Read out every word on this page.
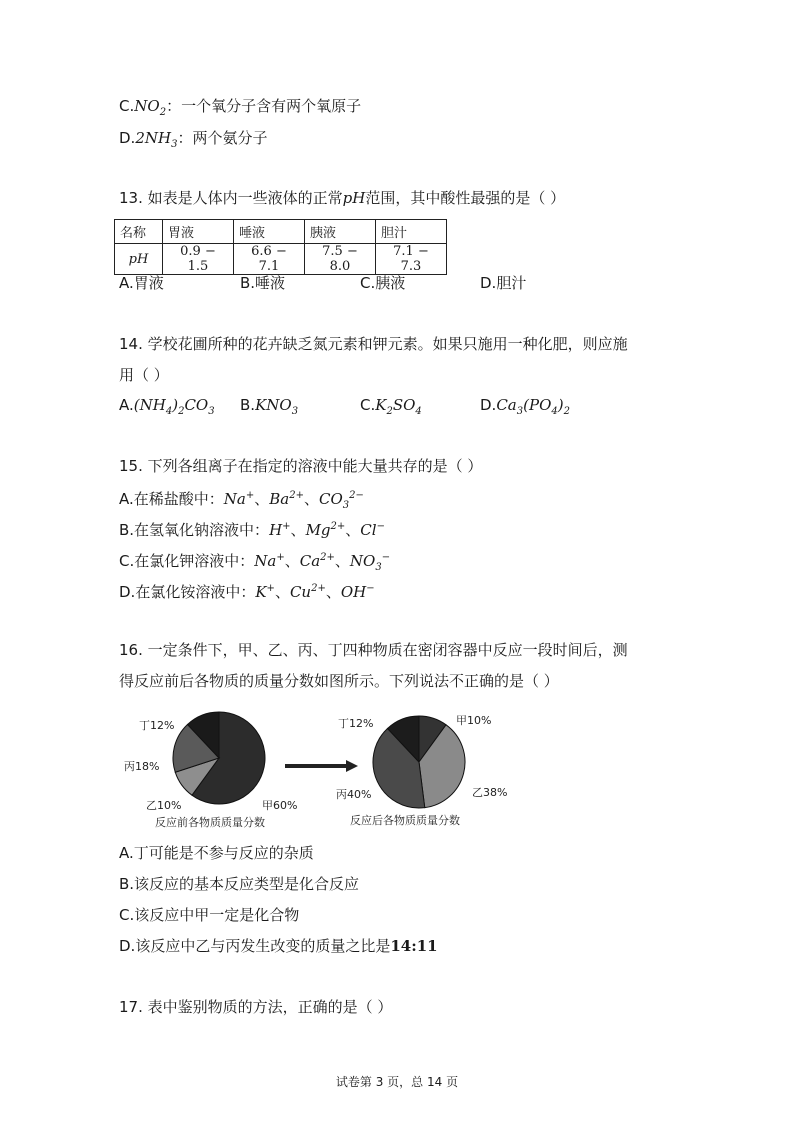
$C.NO_2$：一个氧分子含有两个氧原子
$D.2NH_3$：两个氨分子
13. 如表是人体内一些液体的正常pH范围，其中酸性最强的是（ ）
名称	胃液	唾液	胰液	胆汁
pH	0.9 − 1.5	6.6 − 7.1	7.5 − 8.0	7.1 − 7.3
A.胃液	B.唾液	C.胰液	D.胆汁
14. 学校花圃所种的花卉缺乏氮元素和钾元素。如果只施用一种化肥，则应施
用（ ）
$A.(NH_4)_2CO_3$ $B.KNO_3$	$C.K_2SO_4$	$D.Ca_3(PO_4)_2$
15. 下列各组离子在指定的溶液中能大量共存的是（ ）
A.在稀盐酸中：Na+、$Ba^{2+}$、$CO_3^{2-}$
B.在氢氧化钠溶液中：H+、$Mg^{2+}$、Cl−
C.在氯化钾溶液中：Na+、$Ca^{2+}$、$NO_3^-$
D.在氯化铵溶液中：K+、$Cu^{2+}$、OH−
16. 一定条件下，甲、乙、丙、丁四种物质在密闭容器中反应一段时间后，测
得反应前后各物质的质量分数如图所示。下列说法不正确的是（ ）
丁12%
丙18%
乙10%	甲60%
反应前各物质质量分数
丁12%	甲10%
乙38%
丙40%
反应后各物质质量分数
A.丁可能是不参与反应的杂质
B.该反应的基本反应类型是化合反应
C.该反应中甲一定是化合物
D.该反应中乙与丙发生改变的质量之比是14:11
17. 表中鉴别物质的方法，正确的是（ ）
试卷第 3 页，总 14 页
